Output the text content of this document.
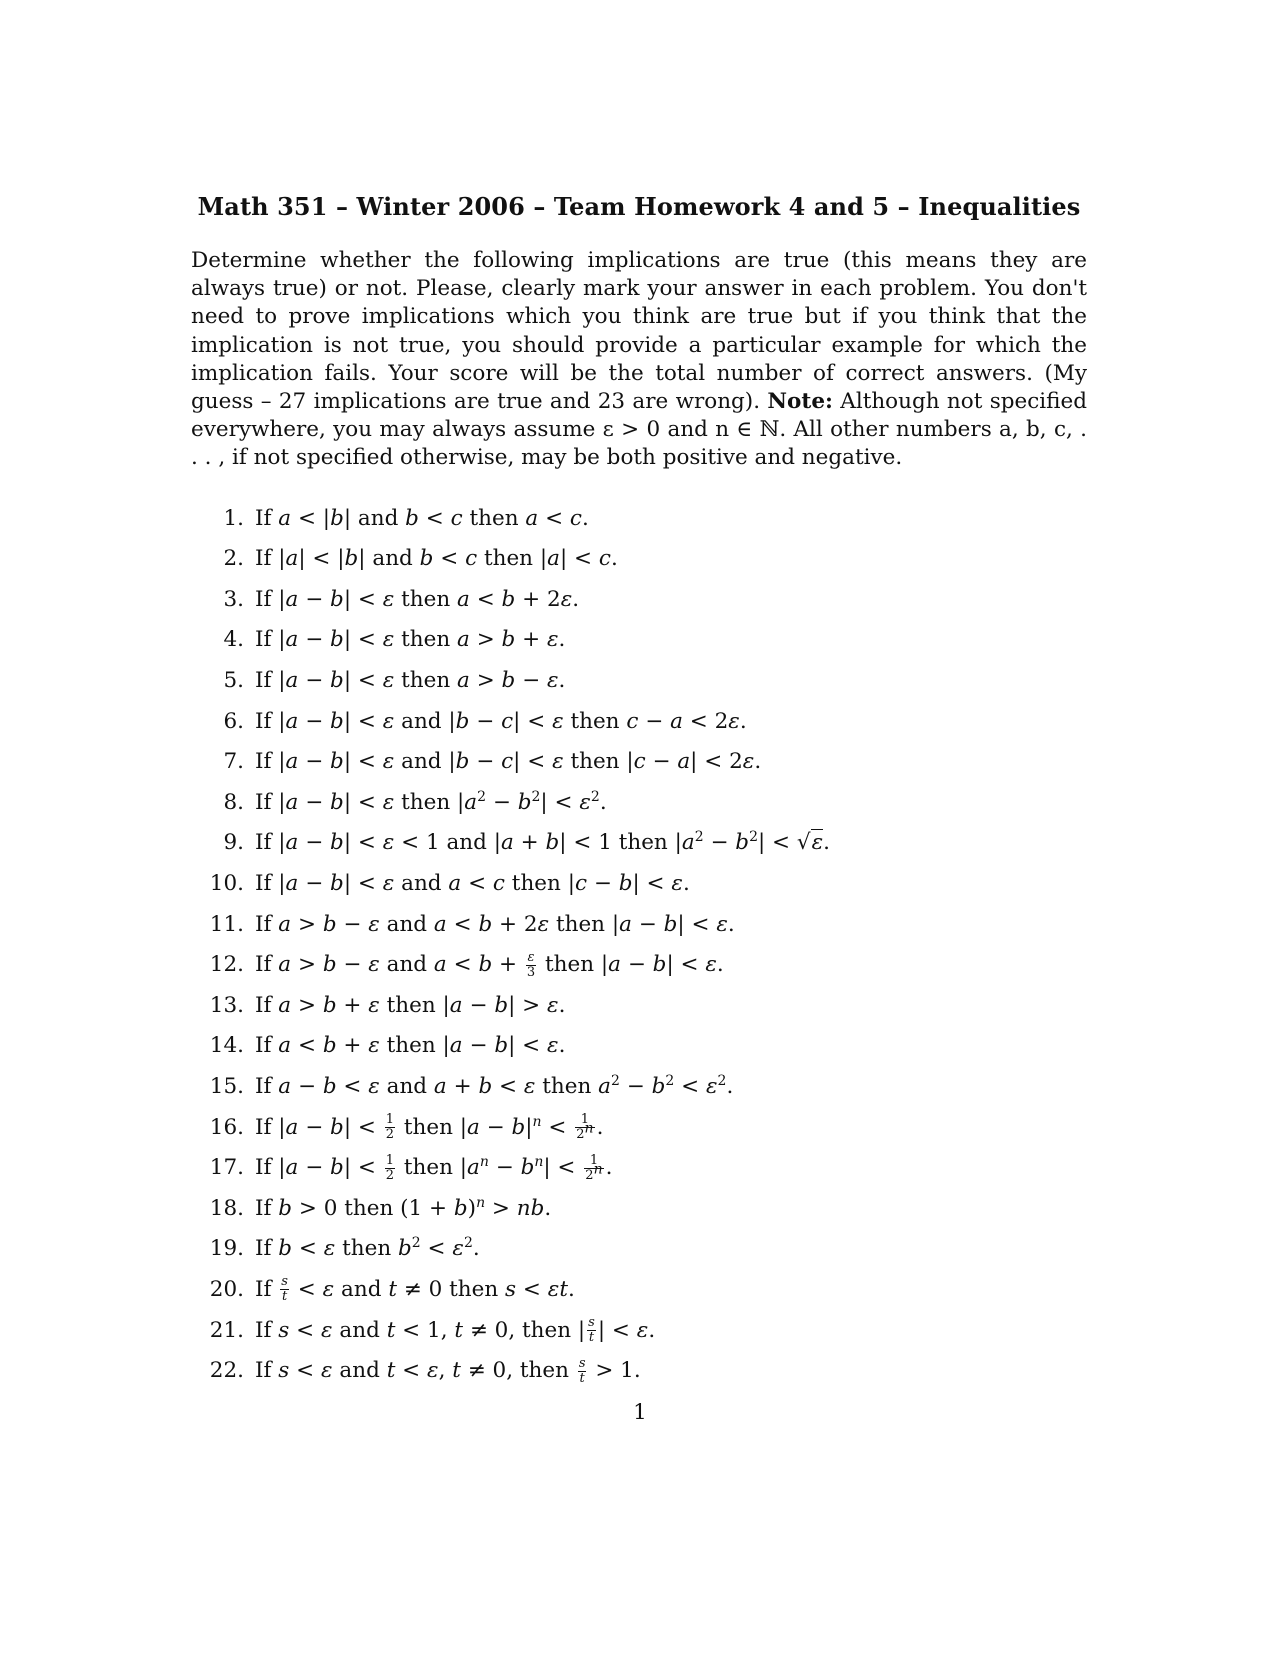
Math 351 – Winter 2006 – Team Homework 4 and 5 – Inequalities

Determine whether the following implications are true (this means they are always true) or not. Please, clearly mark your answer in each problem. You don't need to prove implications which you think are true but if you think that the implication is not true, you should provide a particular example for which the implication fails. Your score will be the total number of correct answers. (My guess – 27 implications are true and 23 are wrong). Note: Although not specified everywhere, you may always assume ε > 0 and n ∈ ℕ. All other numbers a, b, c, . . . , if not specified otherwise, may be both positive and negative.

1. If a < |b| and b < c then a < c.
2. If |a| < |b| and b < c then |a| < c.
3. If |a − b| < ε then a < b + 2ε.
4. If |a − b| < ε then a > b + ε.
5. If |a − b| < ε then a > b − ε.
6. If |a − b| < ε and |b − c| < ε then c − a < 2ε.
7. If |a − b| < ε and |b − c| < ε then |c − a| < 2ε.
8. If |a − b| < ε then $|a^2 - b^2| < \varepsilon^2$.
9. If |a − b| < ε < 1 and |a + b| < 1 then $|a^2 - b^2| < √\varepsilon$.
10. If |a − b| < ε and a < c then |c − b| < ε.
11. If a > b − ε and a < b + 2ε then |a − b| < ε.
12. If a > b − ε and $a < b + \frac{\varepsilon}{3}$ then |a − b| < ε.
13. If a > b + ε then |a − b| > ε.
14. If a < b + ε then |a − b| < ε.
15. If a − b < ε and a + b < ε then $a^2 - b^2 < \varepsilon^2$.
16. If $|a - b| < \frac{1}{2}$ then $|a - b|^n < \frac{1}{2^n}$ .
17. If $|a - b| < \frac{1}{2}$ then $|a^n - b^n| < \frac{1}{2^n}$ .
18. If b > 0 then $(1 + b)^n$ > nb.
19. If b < ε then $b^2 < \varepsilon^2$.
20. If $\frac{s}{t} < \varepsilon$ and t ≠ 0 then s < εt.
21. If s < ε and t < 1, t ≠ 0, then | $\frac{s}{t}$ | < ε.
22. If s < ε and t < ε, t ≠ 0, then $\frac{s}{t} > 1$.
1
